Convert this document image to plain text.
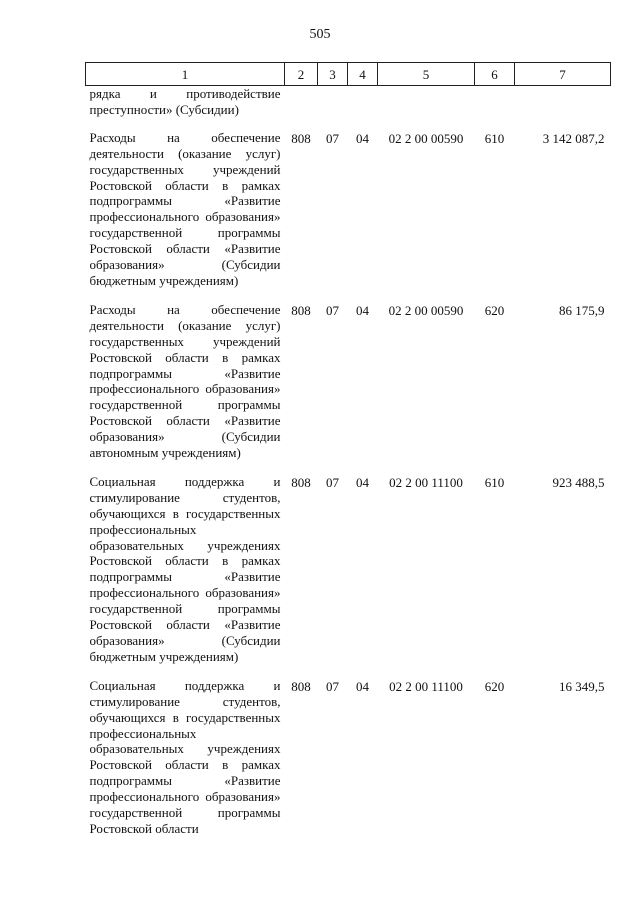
505
1	2	3	4	5	6	7
рядка и противодействие преступности» (Субсидии)						
Расходы на обеспечение деятельности (оказание услуг) государственных учреждений Ростовской области в рамках подпрограммы «Развитие профессионального образования» государственной программы Ростовской области «Развитие образования» (Субсидии бюджетным учреждениям)	808	07	04	02 2 00 00590	610	3 142 087,2
Расходы на обеспечение деятельности (оказание услуг) государственных учреждений Ростовской области в рамках подпрограммы «Развитие профессионального образования» государственной программы Ростовской области «Развитие образования» (Субсидии автономным учреждениям)	808	07	04	02 2 00 00590	620	86 175,9
Социальная поддержка и стимулирование студентов, обучающихся в государственных профессиональных образовательных учреждениях Ростовской области в рамках подпрограммы «Развитие профессионального образования» государственной программы Ростовской области «Развитие образования» (Субсидии бюджетным учреждениям)	808	07	04	02 2 00 11100	610	923 488,5
Социальная поддержка и стимулирование студентов, обучающихся в государственных профессиональных образовательных учреждениях Ростовской области в рамках подпрограммы «Развитие профессионального образования» государственной программы Ростовской области	808	07	04	02 2 00 11100	620	16 349,5
